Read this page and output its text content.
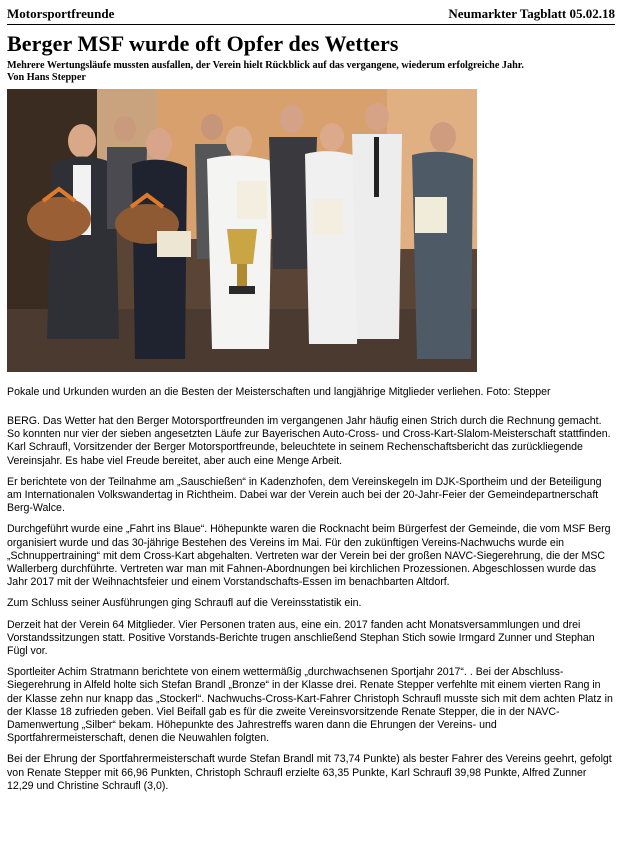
Motorsportfreunde	Neumarkter Tagblatt 05.02.18
Berger MSF wurde oft Opfer des Wetters

Mehrere Wertungsläufe mussten ausfallen, der Verein hielt Rückblick auf das vergangene, wiederum erfolgreiche Jahr.

Von Hans Stepper

Pokale und Urkunden wurden an die Besten der Meisterschaften und langjährige Mitglieder verliehen. Foto: Stepper

BERG. Das Wetter hat den Berger Motorsportfreunden im vergangenen Jahr häufig einen Strich durch die Rechnung gemacht. So konnten nur vier der sieben angesetzten Läufe zur Bayerischen Auto-Cross- und Cross-Kart-Slalom-Meisterschaft stattfinden. Karl Schraufl, Vorsitzender der Berger Motorsportfreunde, beleuchtete in seinem Rechenschaftsbericht das zurückliegende Vereinsjahr. Es habe viel Freude bereitet, aber auch eine Menge Arbeit.

Er berichtete von der Teilnahme am „Sauschießen“ in Kadenzhofen, dem Vereinskegeln im DJK-Sportheim und der Beteiligung am Internationalen Volkswandertag in Richtheim. Dabei war der Verein auch bei der 20-Jahr-Feier der Gemeindepartnerschaft Berg-Walce.

Durchgeführt wurde eine „Fahrt ins Blaue“. Höhepunkte waren die Rocknacht beim Bürgerfest der Gemeinde, die vom MSF Berg organisiert wurde und das 30-jährige Bestehen des Vereins im Mai. Für den zukünftigen Vereins-Nachwuchs wurde ein „Schnuppertraining“ mit dem Cross-Kart abgehalten. Vertreten war der Verein bei der großen NAVC-Siegerehrung, die der MSC Wallerberg durchführte. Vertreten war man mit Fahnen-Abordnungen bei kirchlichen Prozessionen. Abgeschlossen wurde das Jahr 2017 mit der Weihnachtsfeier und einem Vorstandschafts-Essen im benachbarten Altdorf.

Zum Schluss seiner Ausführungen ging Schraufl auf die Vereinsstatistik ein.

Derzeit hat der Verein 64 Mitglieder. Vier Personen traten aus, eine ein. 2017 fanden acht Monatsversammlungen und drei Vorstandssitzungen statt. Positive Vorstands-Berichte trugen anschließend Stephan Stich sowie Irmgard Zunner und Stephan Fügl vor.

Sportleiter Achim Stratmann berichtete von einem wettermäßig „durchwachsenen Sportjahr 2017“. . Bei der Abschluss-Siegerehrung in Alfeld holte sich Stefan Brandl „Bronze“ in der Klasse drei. Renate Stepper verfehlte mit einem vierten Rang in der Klasse zehn nur knapp das „Stockerl“. Nachwuchs-Cross-Kart-Fahrer Christoph Schraufl musste sich mit dem achten Platz in der Klasse 18 zufrieden geben. Viel Beifall gab es für die zweite Vereinsvorsitzende Renate Stepper, die in der NAVC-Damenwertung „Silber“ bekam. Höhepunkte des Jahrestreffs waren dann die Ehrungen der Vereins- und Sportfahrermeisterschaft, denen die Neuwahlen folgten.

Bei der Ehrung der Sportfahrermeisterschaft wurde Stefan Brandl mit 73,74 Punkte) als bester Fahrer des Vereins geehrt, gefolgt von Renate Stepper mit 66,96 Punkten, Christoph Schraufl erzielte 63,35 Punkte, Karl Schraufl 39,98 Punkte, Alfred Zunner 12,29 und Christine Schraufl (3,0).
